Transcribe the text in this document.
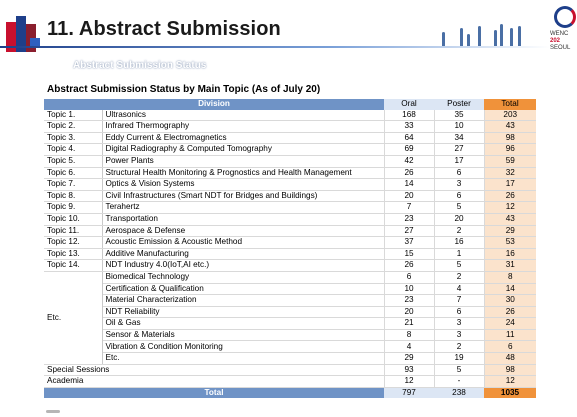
11. Abstract Submission	WENC
202
SEOUL
Abstract Submission Status
Abstract Submission Status by Main Topic (As of July 20)
Division		Oral	Poster	Total
Topic 1.	Ultrasonics	168	35	203
Topic 2.	Infrared Thermography	33	10	43
Topic 3.	Eddy Current & Electromagnetics	64	34	98
Topic 4.	Digital Radiography & Computed Tomography	69	27	96
Topic 5.	Power Plants	42	17	59
Topic 6.	Structural Health Monitoring & Prognostics and Health Management	26	6	32
Topic 7.	Optics & Vision Systems	14	3	17
Topic 8.	Civil Infrastructures (Smart NDT for Bridges and Buildings)	20	6	26
Topic 9.	Terahertz	7	5	12
Topic 10.	Transportation	23	20	43
Topic 11.	Aerospace & Defense	27	2	29
Topic 12.	Acoustic Emission & Acoustic Method	37	16	53
Topic 13.	Additive Manufacturing	15	1	16
Topic 14.	NDT Industry 4.0(IoT,AI etc.)	26	5	31
Etc.	Biomedical Technology	6	2	8
	Certification & Qualification	10	4	14
	Material Characterization	23	7	30
	NDT Reliability	20	6	26
	Oil & Gas	21	3	24
	Sensor & Materials	8	3	11
	Vibration & Condition Monitoring	4	2	6
	Etc.	29	19	48
Special Sessions		93	5	98
Academia		12	-	12
Total		797	238	1035
